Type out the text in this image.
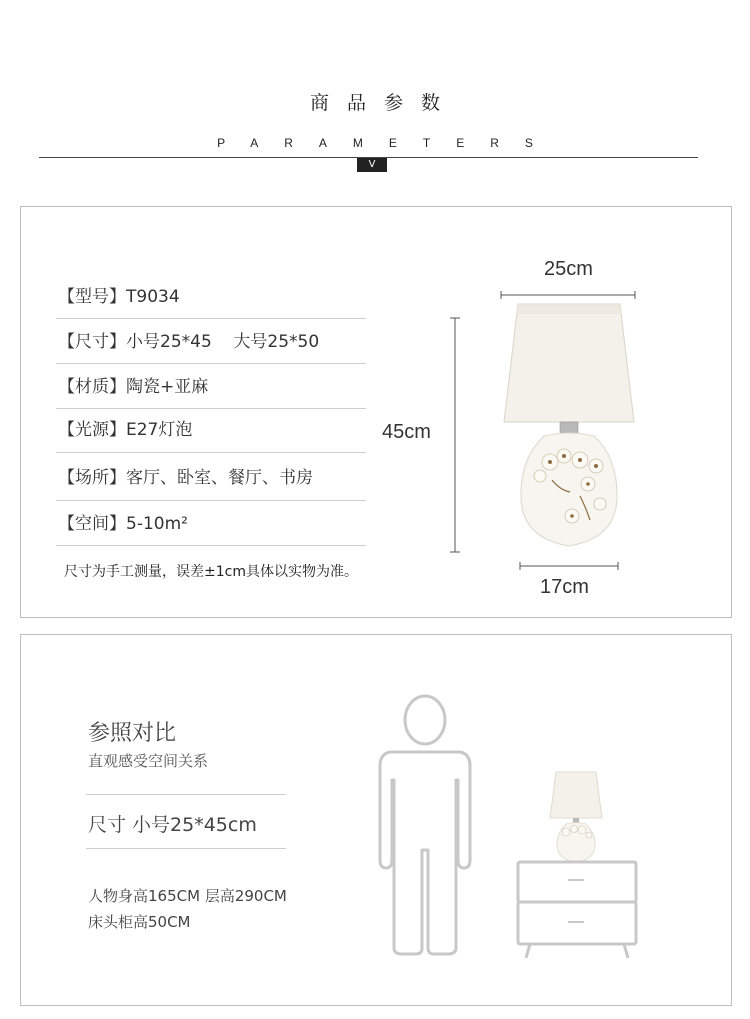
商品参数
PARAMETERS
V
【型号】T9034
【尺寸】小号25*45    大号25*50
【材质】陶瓷+亚麻
【光源】E27灯泡
【场所】客厅、卧室、餐厅、书房
【空间】5-10m²
尺寸为手工测量，误差±1cm具体以实物为准。
25cm
45cm
17cm
参照对比
直观感受空间关系
尺寸 小号25*45cm
人物身高165CM 层高290CM
床头柜高50CM
